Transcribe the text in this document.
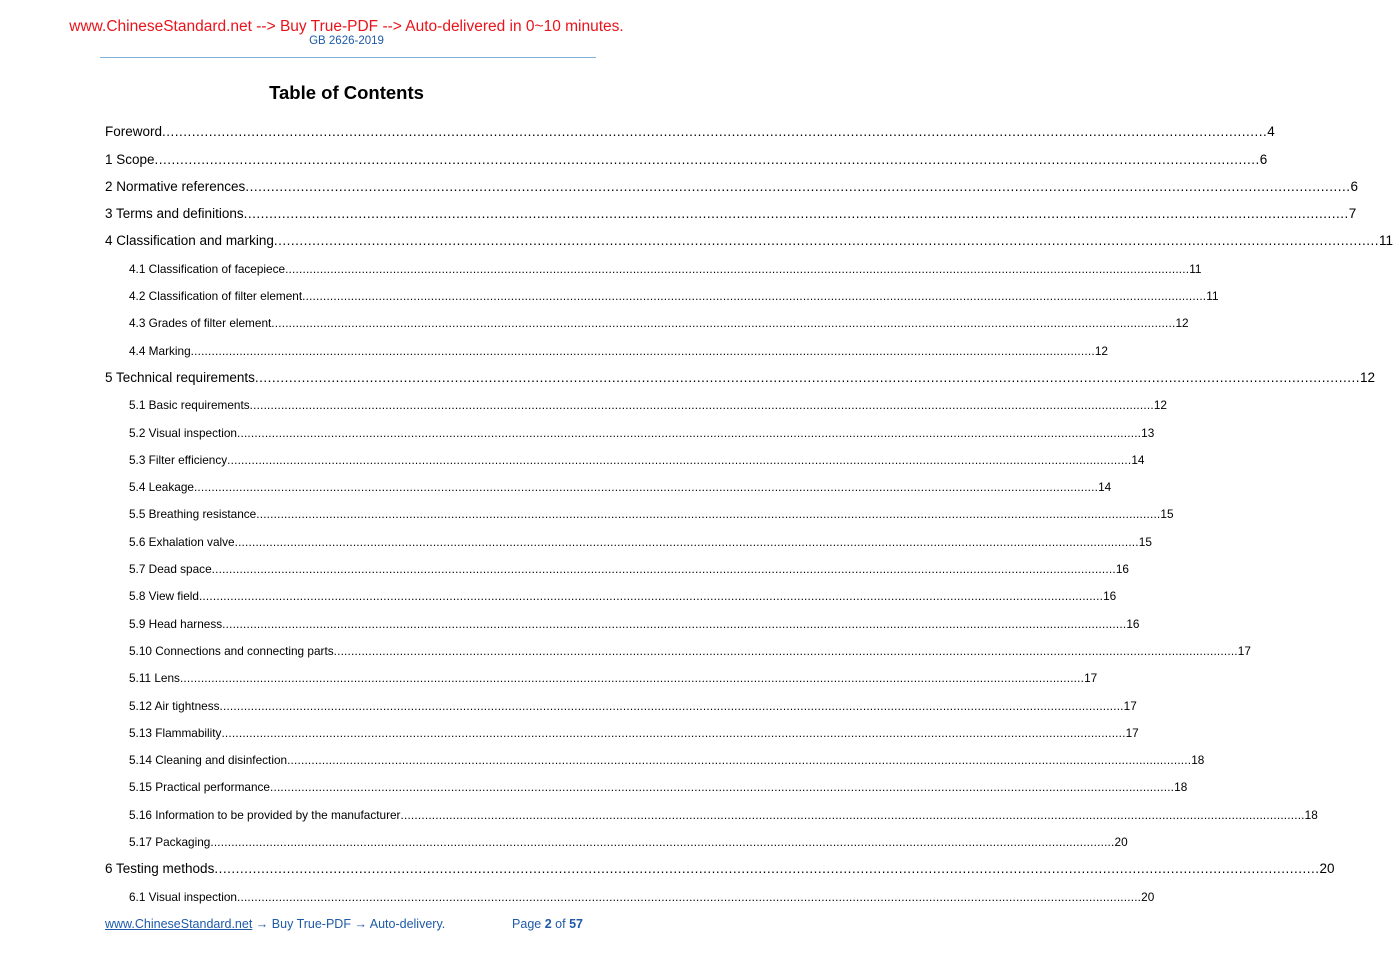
www.ChineseStandard.net --> Buy True-PDF --> Auto-delivered in 0~10 minutes.
GB 2626-2019
Table of Contents
Foreword .................................................................................................................................................................................................................................................................... 4
1 Scope .................................................................................................................................................................................................................................................................... 6
2 Normative references .................................................................................................................................................................................................................................................................... 6
3 Terms and definitions .................................................................................................................................................................................................................................................................... 7
4 Classification and marking .................................................................................................................................................................................................................................................................... 11
4.1 Classification of facepiece .................................................................................................................................................................................................................................................................... 11
4.2 Classification of filter element .................................................................................................................................................................................................................................................................... 11
4.3 Grades of filter element .................................................................................................................................................................................................................................................................... 12
4.4 Marking .................................................................................................................................................................................................................................................................... 12
5 Technical requirements .................................................................................................................................................................................................................................................................... 12
5.1 Basic requirements .................................................................................................................................................................................................................................................................... 12
5.2 Visual inspection .................................................................................................................................................................................................................................................................... 13
5.3 Filter efficiency .................................................................................................................................................................................................................................................................... 14
5.4 Leakage .................................................................................................................................................................................................................................................................... 14
5.5 Breathing resistance .................................................................................................................................................................................................................................................................... 15
5.6 Exhalation valve .................................................................................................................................................................................................................................................................... 15
5.7 Dead space .................................................................................................................................................................................................................................................................... 16
5.8 View field .................................................................................................................................................................................................................................................................... 16
5.9 Head harness .................................................................................................................................................................................................................................................................... 16
5.10 Connections and connecting parts .................................................................................................................................................................................................................................................................... 17
5.11 Lens .................................................................................................................................................................................................................................................................... 17
5.12 Air tightness .................................................................................................................................................................................................................................................................... 17
5.13 Flammability .................................................................................................................................................................................................................................................................... 17
5.14 Cleaning and disinfection .................................................................................................................................................................................................................................................................... 18
5.15 Practical performance .................................................................................................................................................................................................................................................................... 18
5.16 Information to be provided by the manufacturer .................................................................................................................................................................................................................................................................... 18
5.17 Packaging .................................................................................................................................................................................................................................................................... 20
6 Testing methods .................................................................................................................................................................................................................................................................... 20
6.1 Visual inspection .................................................................................................................................................................................................................................................................... 20
www.ChineseStandard.net → Buy True-PDF → Auto-delivery.	Page 2 of 57
